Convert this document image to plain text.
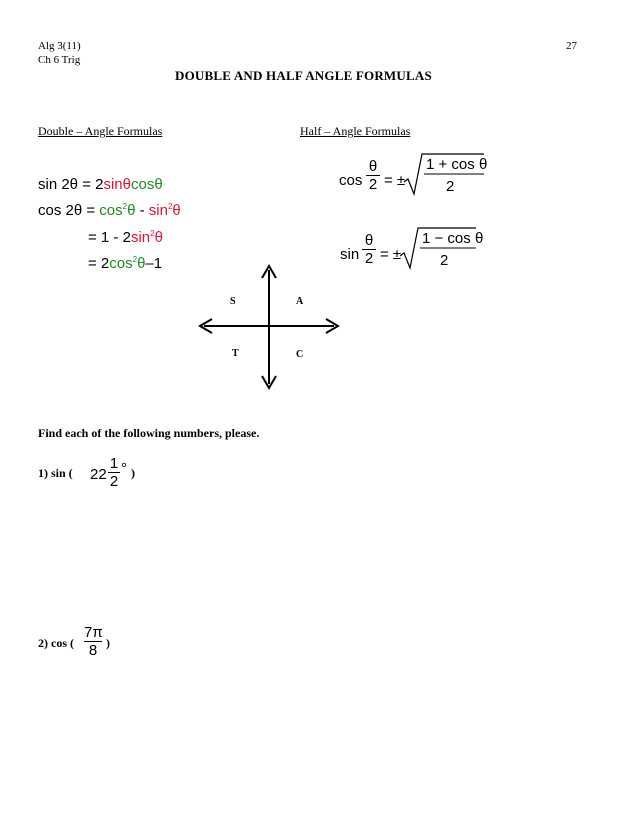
Alg 3(11)
Ch 6 Trig
27
DOUBLE AND HALF ANGLE FORMULAS
Double – Angle Formulas	Half – Angle Formulas
sin 2θ = 2sinθcosθ
$\cos 2\theta = \cos^2\theta - \sin^2\theta$
= $1 - 2\sin^2\theta$
= $2\cos^2\theta-1$
cos
θ
2 = ±
1 + cos θ
2
sin
θ
2 = ±
1 − cos θ
2
S	A
T	C
Find each of the following numbers, please.
1) sin ( 22
1
2
° )
2) cos (
7π
8 )
